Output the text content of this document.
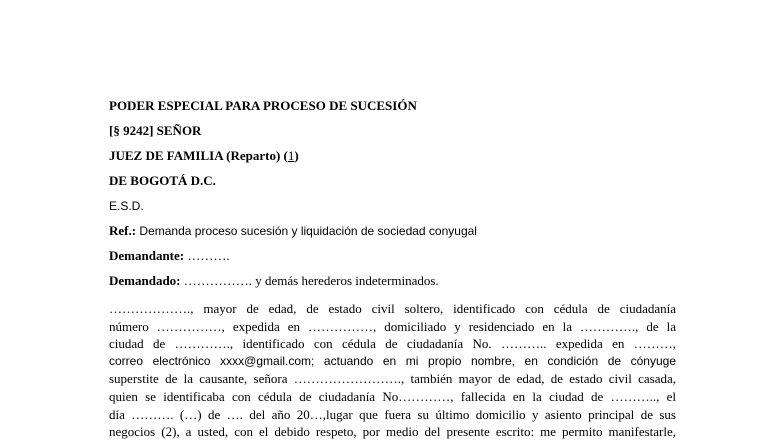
PODER ESPECIAL PARA PROCESO DE SUCESIÓN
[§ 9242] SEÑOR
JUEZ DE FAMILIA (Reparto) (1)
DE BOGOTÁ D.C.
E.S.D.
Ref.: Demanda proceso sucesión y liquidación de sociedad conyugal
Demandante: ……….
Demandado: ……………. y demás herederos indeterminados.
………………., mayor de edad, de estado civil soltero, identificado con cédula de ciudadanía
número ……………, expedida en ……………, domiciliado y residenciado en la …………., de la
ciudad de …………., identificado con cédula de ciudadanía No. ……….. expedida en ………,
correo electrónico xxxx@gmail.com; actuando en mi propio nombre, en condición de cónyuge
superstite de la causante, señora ……………………., también mayor de edad, de estado civil casada,
quien se identificaba con cédula de ciudadanía No…………, fallecida en la ciudad de ……….., el
día ………. (…) de …. del año 20…,lugar que fuera su último domicilio y asiento principal de sus
negocios (2), a usted, con el debido respeto, por medio del presente escrito: me permito manifestarle,
